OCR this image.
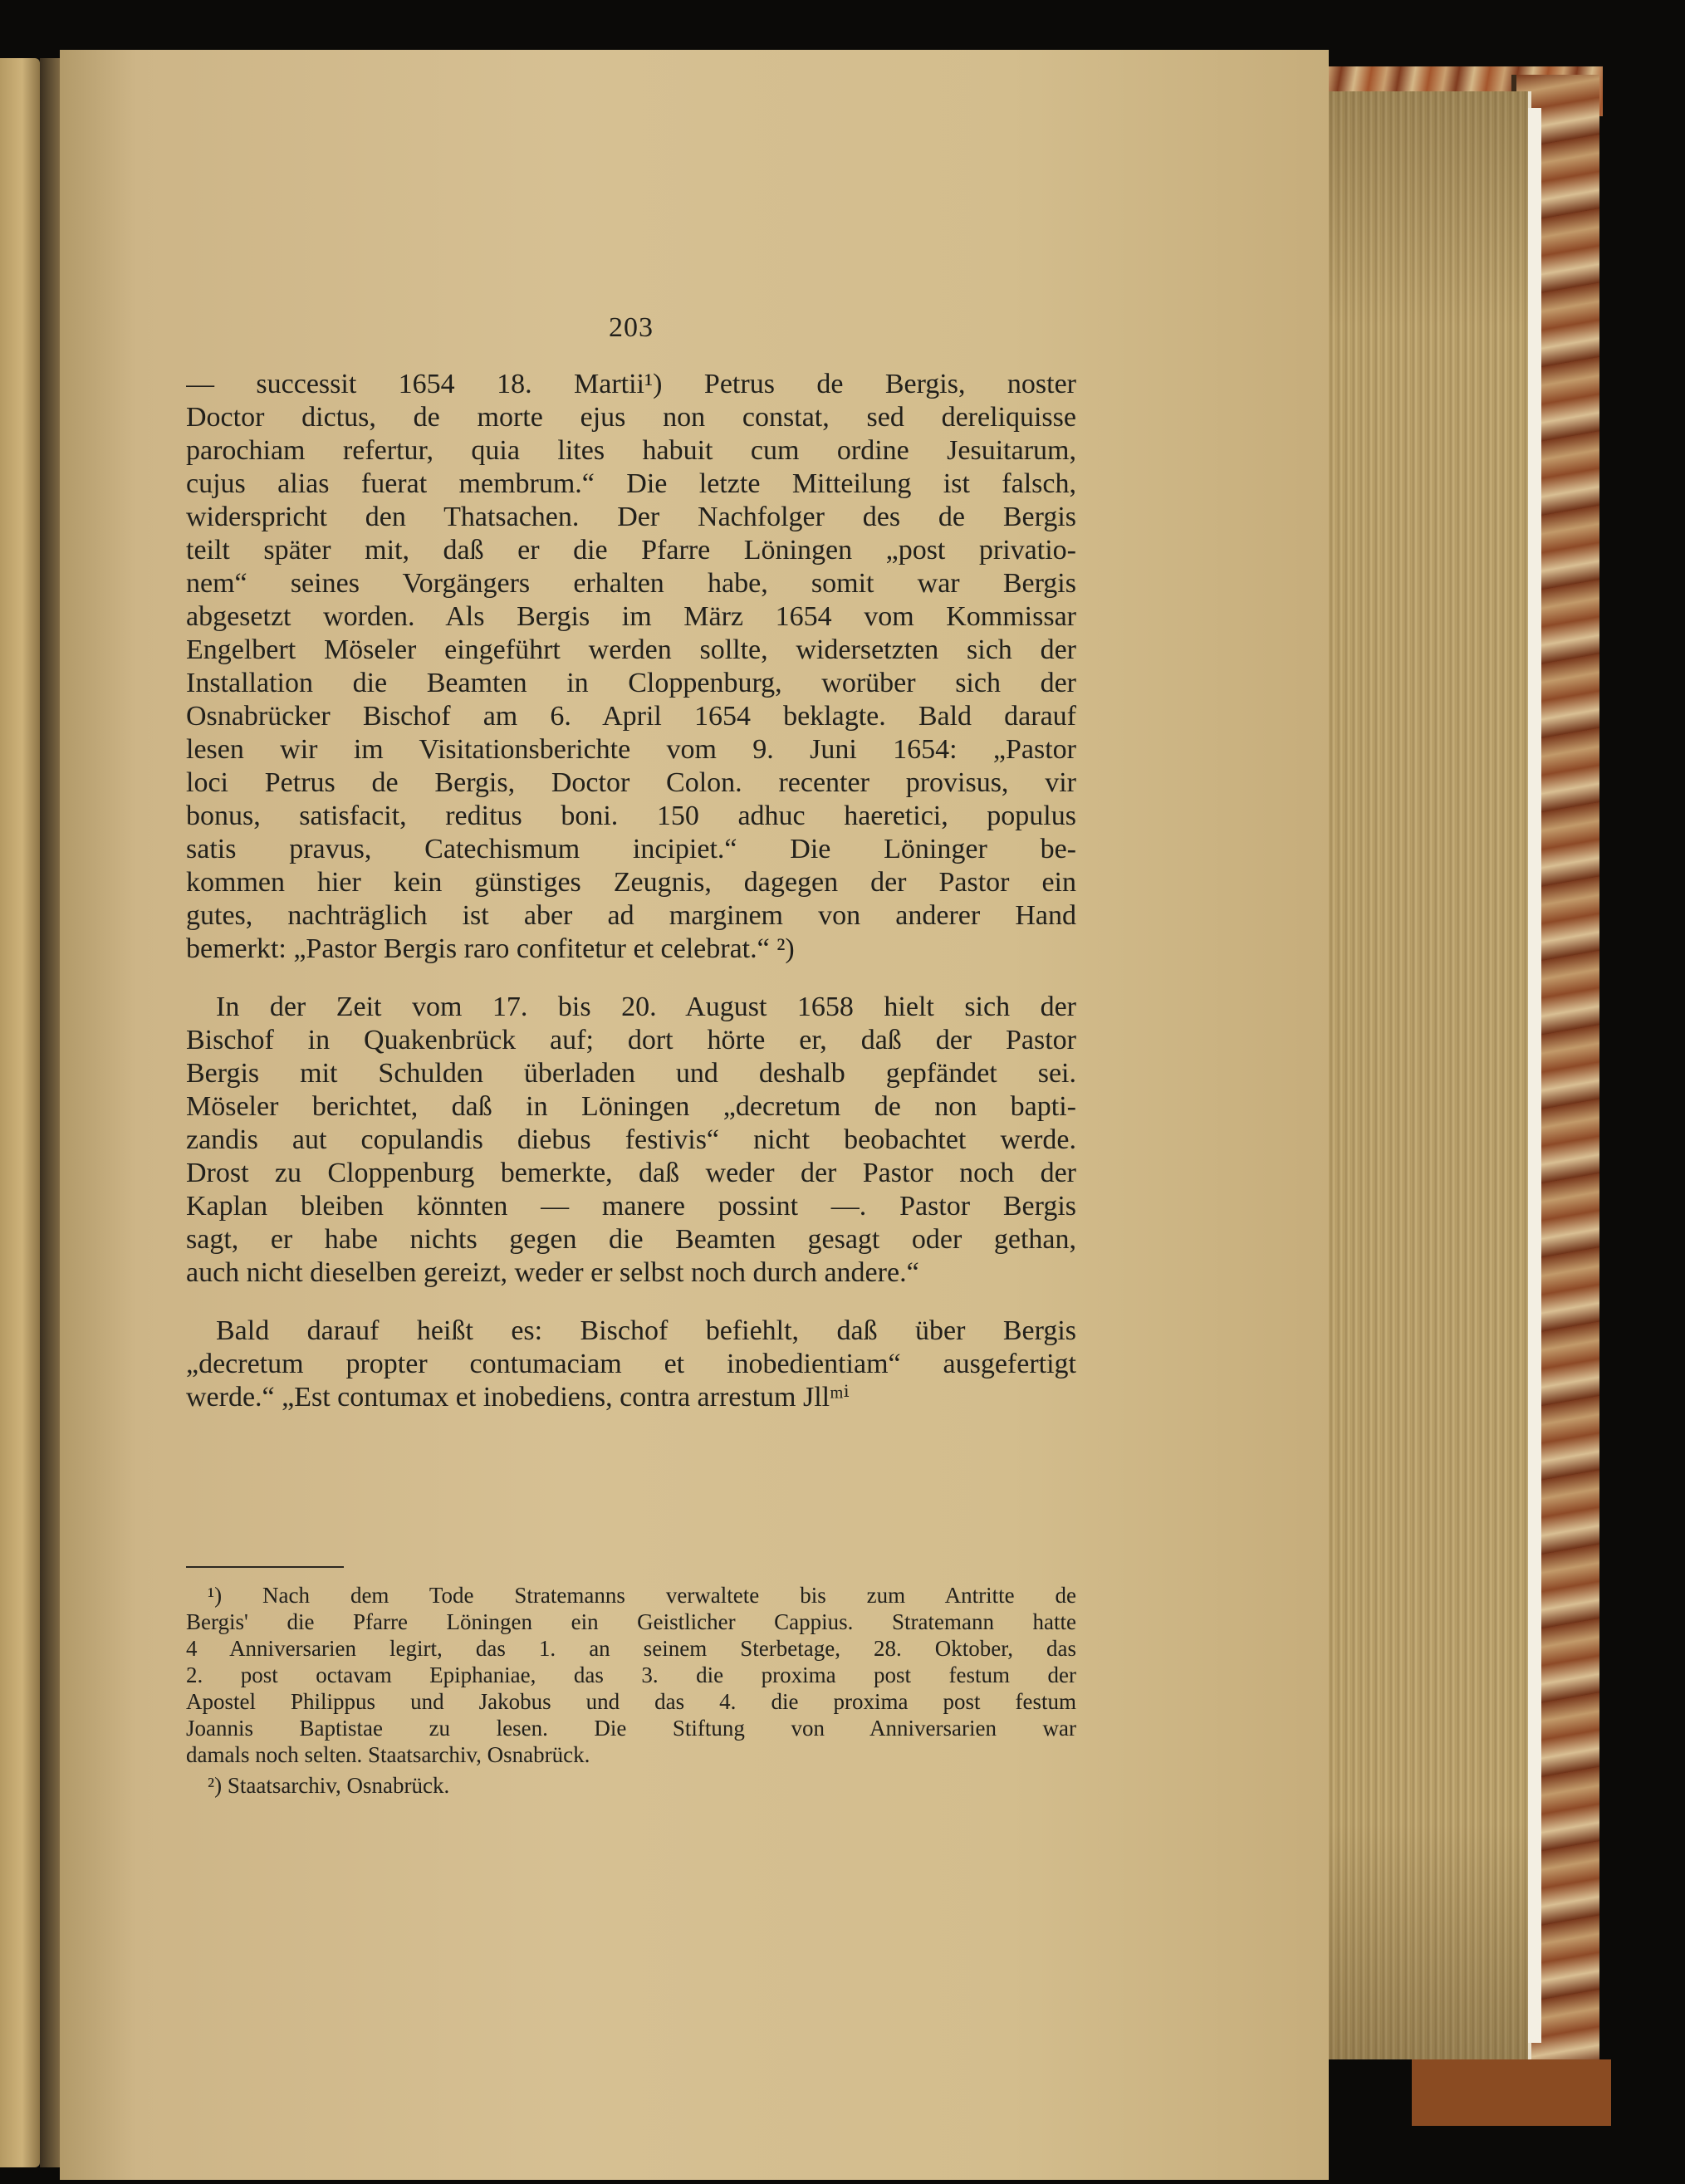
203
— successit 1654 18. Martii¹) Petrus de Bergis, noster
Doctor dictus, de morte ejus non constat, sed dereliquisse
parochiam refertur, quia lites habuit cum ordine Jesuitarum,
cujus alias fuerat membrum.“ Die letzte Mitteilung ist falsch,
widerspricht den Thatsachen. Der Nachfolger des de Bergis
teilt später mit, daß er die Pfarre Löningen „post privatio-
nem“ seines Vorgängers erhalten habe, somit war Bergis
abgesetzt worden. Als Bergis im März 1654 vom Kommissar
Engelbert Möseler eingeführt werden sollte, widersetzten sich der
Installation die Beamten in Cloppenburg, worüber sich der
Osnabrücker Bischof am 6. April 1654 beklagte. Bald darauf
lesen wir im Visitationsberichte vom 9. Juni 1654: „Pastor
loci Petrus de Bergis, Doctor Colon. recenter provisus, vir
bonus, satisfacit, reditus boni. 150 adhuc haeretici, populus
satis pravus, Catechismum incipiet.“ Die Löninger be-
kommen hier kein günstiges Zeugnis, dagegen der Pastor ein
gutes, nachträglich ist aber ad marginem von anderer Hand
bemerkt: „Pastor Bergis raro confitetur et celebrat.“ ²)
In der Zeit vom 17. bis 20. August 1658 hielt sich der
Bischof in Quakenbrück auf; dort hörte er, daß der Pastor
Bergis mit Schulden überladen und deshalb gepfändet sei.
Möseler berichtet, daß in Löningen „decretum de non bapti-
zandis aut copulandis diebus festivis“ nicht beobachtet werde.
Drost zu Cloppenburg bemerkte, daß weder der Pastor noch der
Kaplan bleiben könnten — manere possint —. Pastor Bergis
sagt, er habe nichts gegen die Beamten gesagt oder gethan,
auch nicht dieselben gereizt, weder er selbst noch durch andere.“
Bald darauf heißt es: Bischof befiehlt, daß über Bergis
„decretum propter contumaciam et inobedientiam“ ausgefertigt
werde.“ „Est contumax et inobediens, contra arrestum Jllᵐⁱ
¹) Nach dem Tode Stratemanns verwaltete bis zum Antritte de
Bergis' die Pfarre Löningen ein Geistlicher Cappius. Stratemann hatte
4 Anniversarien legirt, das 1. an seinem Sterbetage, 28. Oktober, das
2. post octavam Epiphaniae, das 3. die proxima post festum der
Apostel Philippus und Jakobus und das 4. die proxima post festum
Joannis Baptistae zu lesen. Die Stiftung von Anniversarien war
damals noch selten. Staatsarchiv, Osnabrück.
²) Staatsarchiv, Osnabrück.
